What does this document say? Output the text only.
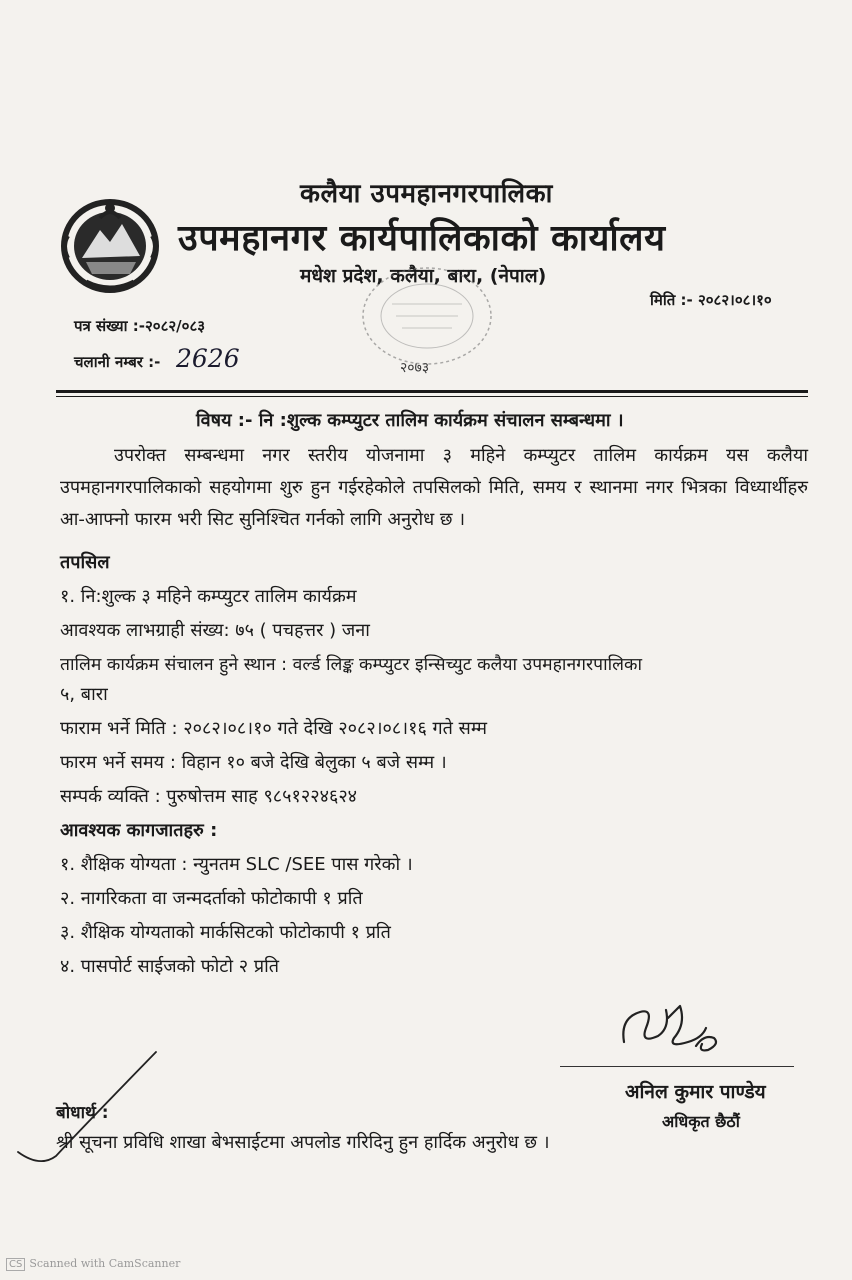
कलैया उपमहानगरपालिका
उपमहानगर कार्यपालिकाको कार्यालय
मधेश प्रदेश, कलैया, बारा, (नेपाल)
मिति :- २०८२।०८।१०
पत्र संख्या :-२०८२/०८३
चलानी नम्बर :- 2626	२०७३
विषय :- नि :शुल्क कम्प्युटर तालिम कार्यक्रम संचालन सम्बन्धमा ।
उपरोक्त सम्बन्धमा नगर स्तरीय योजनामा ३ महिने कम्प्युटर तालिम कार्यक्रम यस कलैया उपमहानगरपालिकाको सहयोगमा शुरु हुन गईरहेकोले तपसिलको मिति, समय र स्थानमा नगर भित्रका विध्यार्थीहरु आ-आफ्नो फारम भरी सिट सुनिश्चित गर्नको लागि अनुरोध छ ।
तपसिल
१. नि:शुल्क ३ महिने कम्प्युटर तालिम कार्यक्रम
आवश्यक लाभग्राही संख्य: ७५ ( पचहत्तर ) जना
तालिम कार्यक्रम संचालन हुने स्थान : वर्ल्ड लिङ्क कम्प्युटर इन्सिच्युट कलैया उपमहानगरपालिका
५, बारा
फाराम भर्ने मिति : २०८२।०८।१० गते देखि २०८२।०८।१६ गते सम्म
फारम भर्ने समय : विहान १० बजे देखि बेलुका ५ बजे सम्म ।
सम्पर्क व्यक्ति : पुरुषोत्तम साह ९८५१२२४६२४
आवश्यक कागजातहरु :
१. शैक्षिक योग्यता : न्युनतम SLC /SEE पास गरेको ।
२. नागरिकता वा जन्मदर्ताको फोटोकापी १ प्रति
३. शैक्षिक योग्यताको मार्कसिटको फोटोकापी १ प्रति
४. पासपोर्ट साईजको फोटो २ प्रति
अनिल कुमार पाण्डेय
अधिकृत छैठौं
बोधार्थ :
श्री सूचना प्रविधि शाखा बेभसाईटमा अपलोड गरिदिनु हुन हार्दिक अनुरोध छ ।
CS Scanned with CamScanner
